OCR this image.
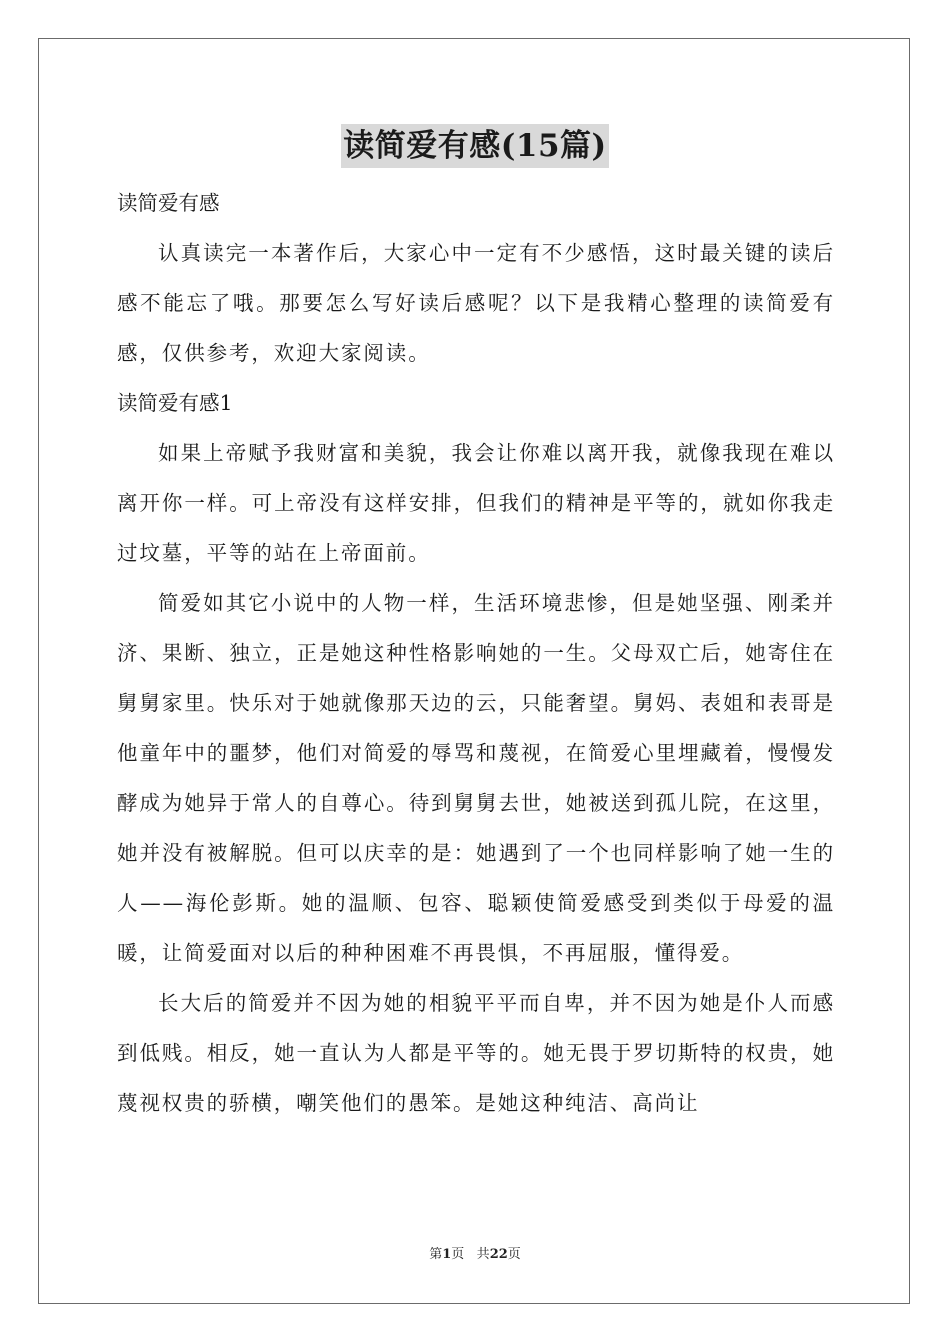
读简爱有感(15篇)

读简爱有感

认真读完一本著作后，大家心中一定有不少感悟，这时最关键的读后感不能忘了哦。那要怎么写好读后感呢？以下是我精心整理的读简爱有感，仅供参考，欢迎大家阅读。

读简爱有感1

如果上帝赋予我财富和美貌，我会让你难以离开我，就像我现在难以离开你一样。可上帝没有这样安排，但我们的精神是平等的，就如你我走过坟墓，平等的站在上帝面前。

简爱如其它小说中的人物一样，生活环境悲惨，但是她坚强、刚柔并济、果断、独立，正是她这种性格影响她的一生。父母双亡后，她寄住在舅舅家里。快乐对于她就像那天边的云，只能奢望。舅妈、表姐和表哥是他童年中的噩梦，他们对简爱的辱骂和蔑视，在简爱心里埋藏着，慢慢发酵成为她异于常人的自尊心。待到舅舅去世，她被送到孤儿院，在这里，她并没有被解脱。但可以庆幸的是：她遇到了一个也同样影响了她一生的人——海伦彭斯。她的温顺、包容、聪颖使简爱感受到类似于母爱的温暖，让简爱面对以后的种种困难不再畏惧，不再屈服，懂得爱。

长大后的简爱并不因为她的相貌平平而自卑，并不因为她是仆人而感到低贱。相反，她一直认为人都是平等的。她无畏于罗切斯特的权贵，她蔑视权贵的骄横，嘲笑他们的愚笨。是她这种纯洁、高尚让

第1页 共22页
